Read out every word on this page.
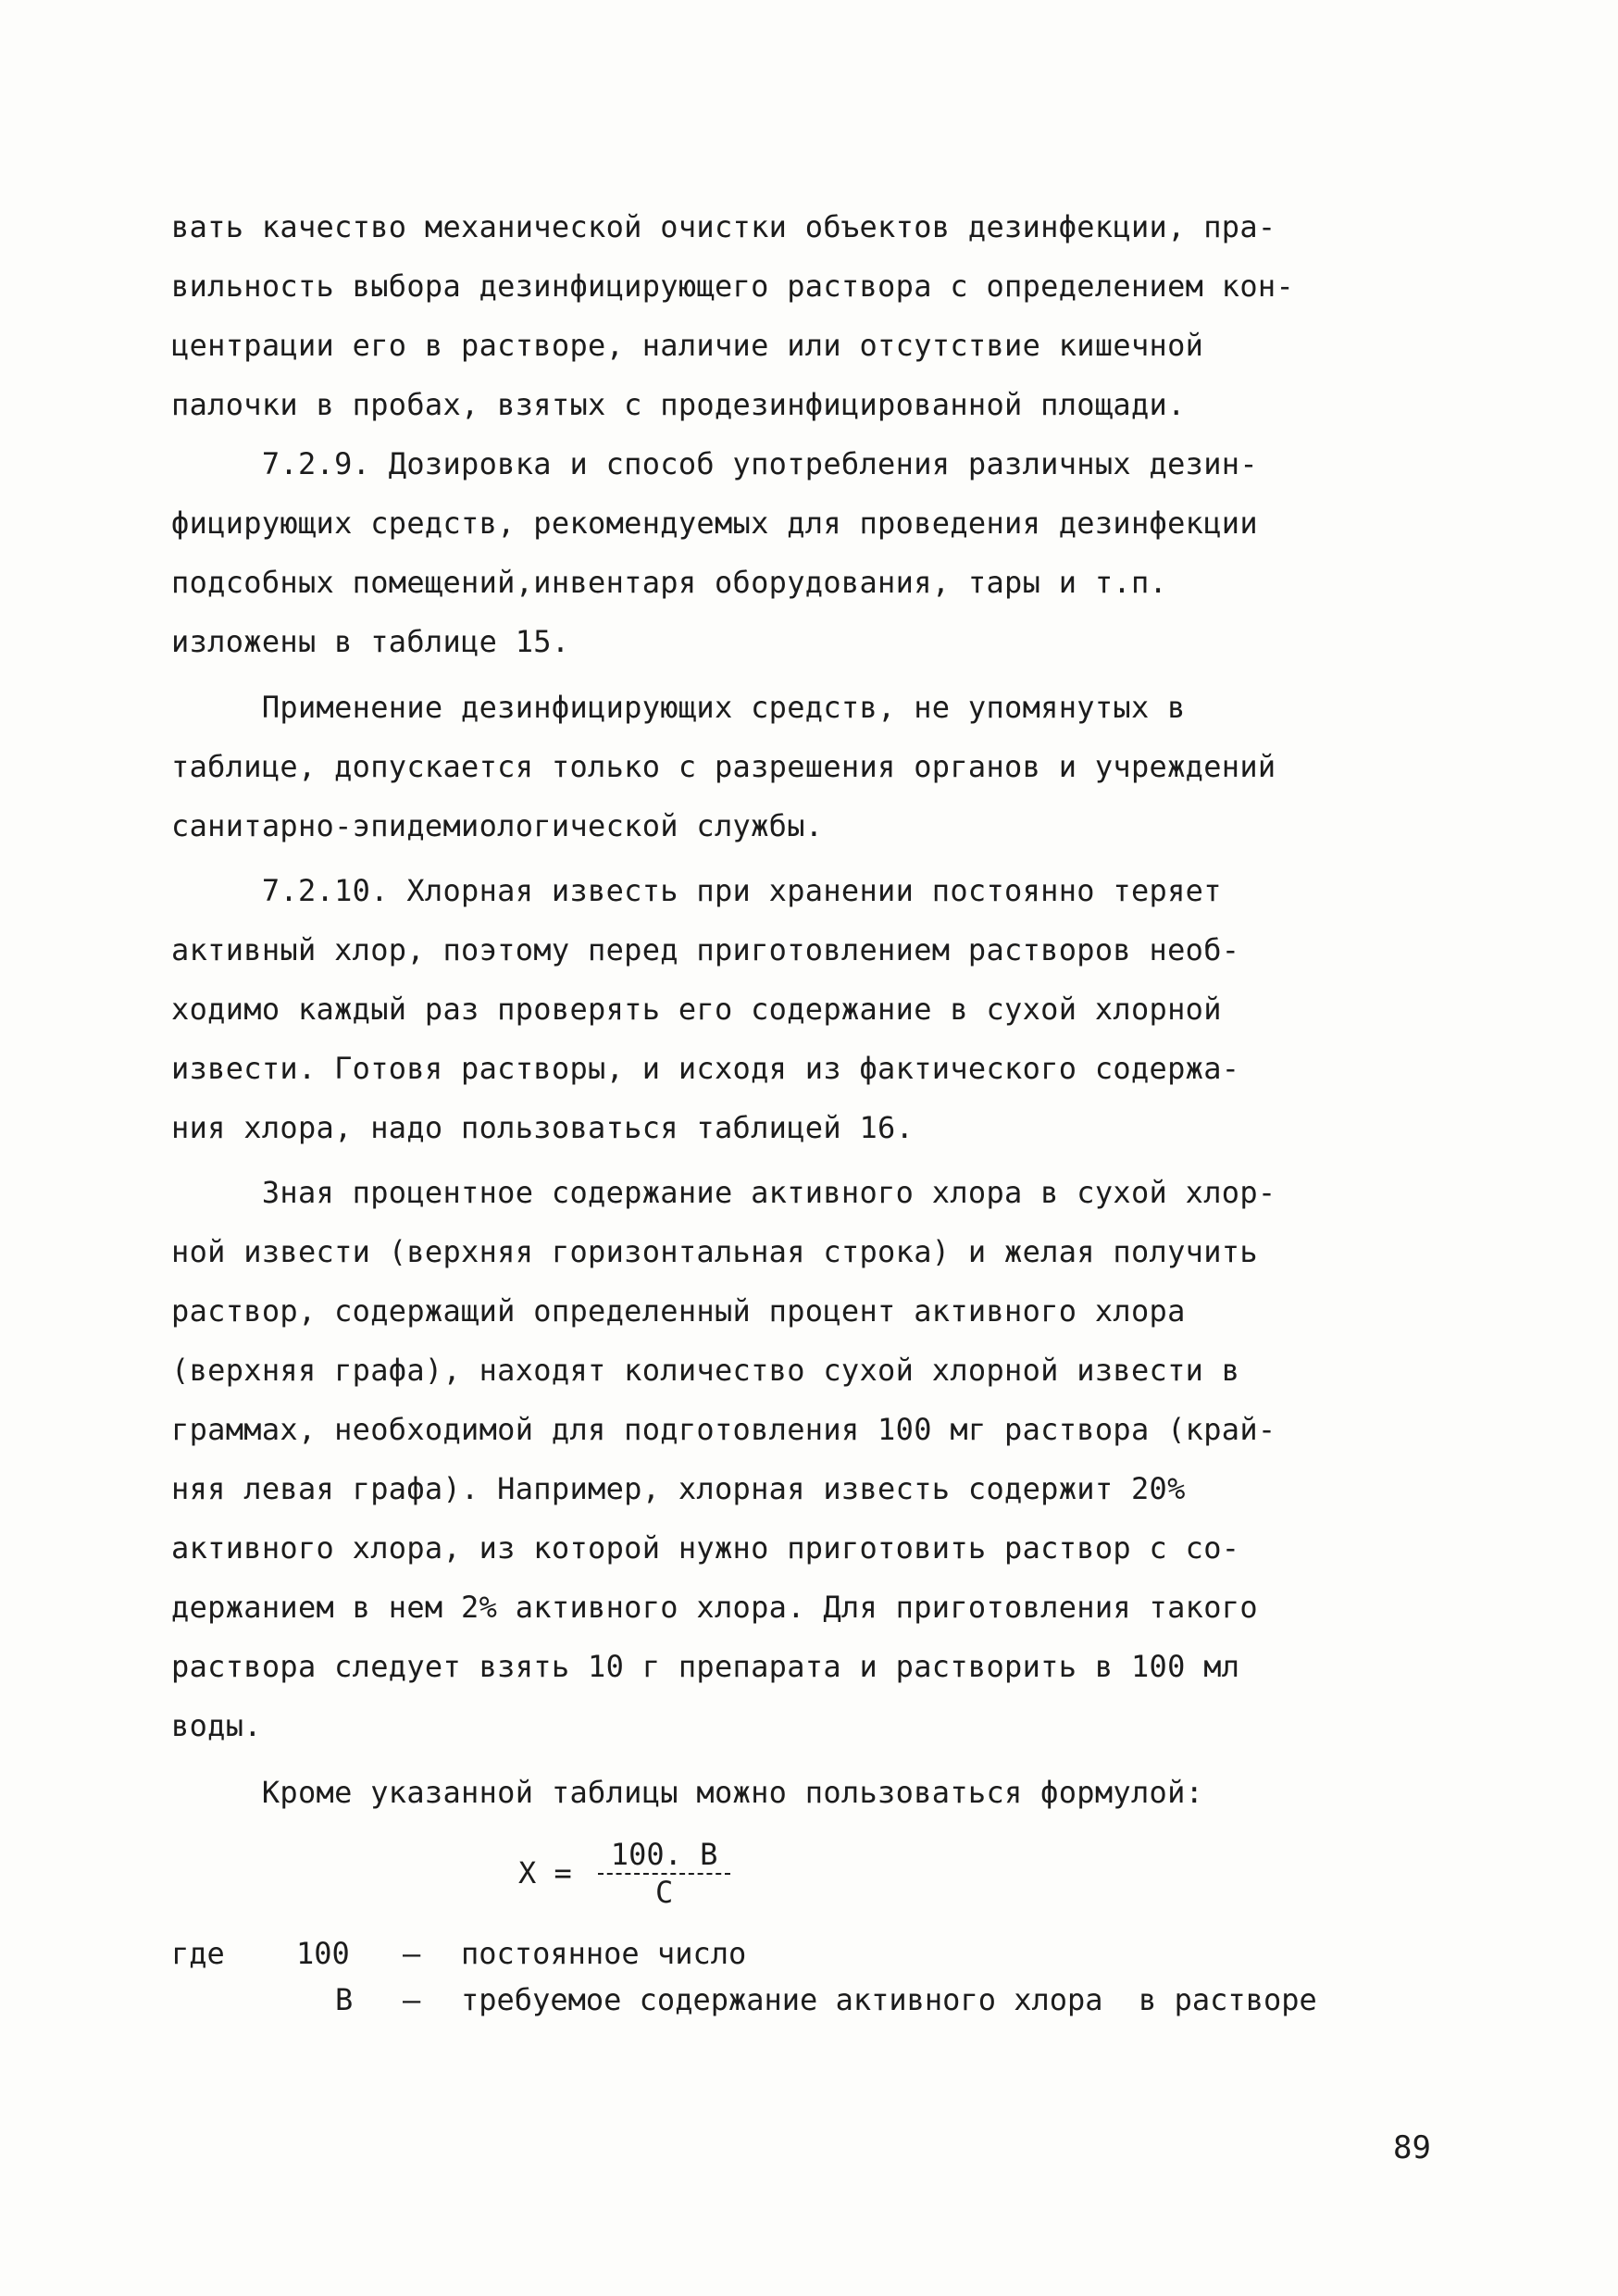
вать качество механической очистки объектов дезинфекции, пра-
вильность выбора дезинфицирующего раствора с определением кон-
центрации его в растворе, наличие или отсутствие кишечной
палочки в пробах, взятых с продезинфицированной площади.
7.2.9. Дозировка и способ употребления различных дезин-
фицирующих средств, рекомендуемых для проведения дезинфекции
подсобных помещений,инвентаря оборудования, тары и т.п.
изложены в таблице 15.
Применение дезинфицирующих средств, не упомянутых в
таблице, допускается только с разрешения органов и учреждений
санитарно-эпидемиологической службы.
7.2.10. Хлорная известь при хранении постоянно теряет
активный хлор, поэтому перед приготовлением растворов необ-
ходимо каждый раз проверять его содержание в сухой хлорной
извести. Готовя растворы, и исходя из фактического содержа-
ния хлора, надо пользоваться таблицей 16.
Зная процентное содержание активного хлора в сухой хлор-
ной извести (верхняя горизонтальная строка) и желая получить
раствор, содержащий определенный процент активного хлора
(верхняя графа), находят количество сухой хлорной извести в
граммах, необходимой для подготовления 100 мг раствора (край-
няя левая графа). Например, хлорная известь содержит 20%
активного хлора, из которой нужно приготовить раствор с со-
держанием в нем 2% активного хлора. Для приготовления такого
раствора следует взять 10 г препарата и растворить в 100 мл
воды.
Кроме указанной таблицы можно пользоваться формулой:
$X = \frac{100. B}{C}$
где 100 – постоянное число
В – требуемое содержание активного хлора  в растворе
89
